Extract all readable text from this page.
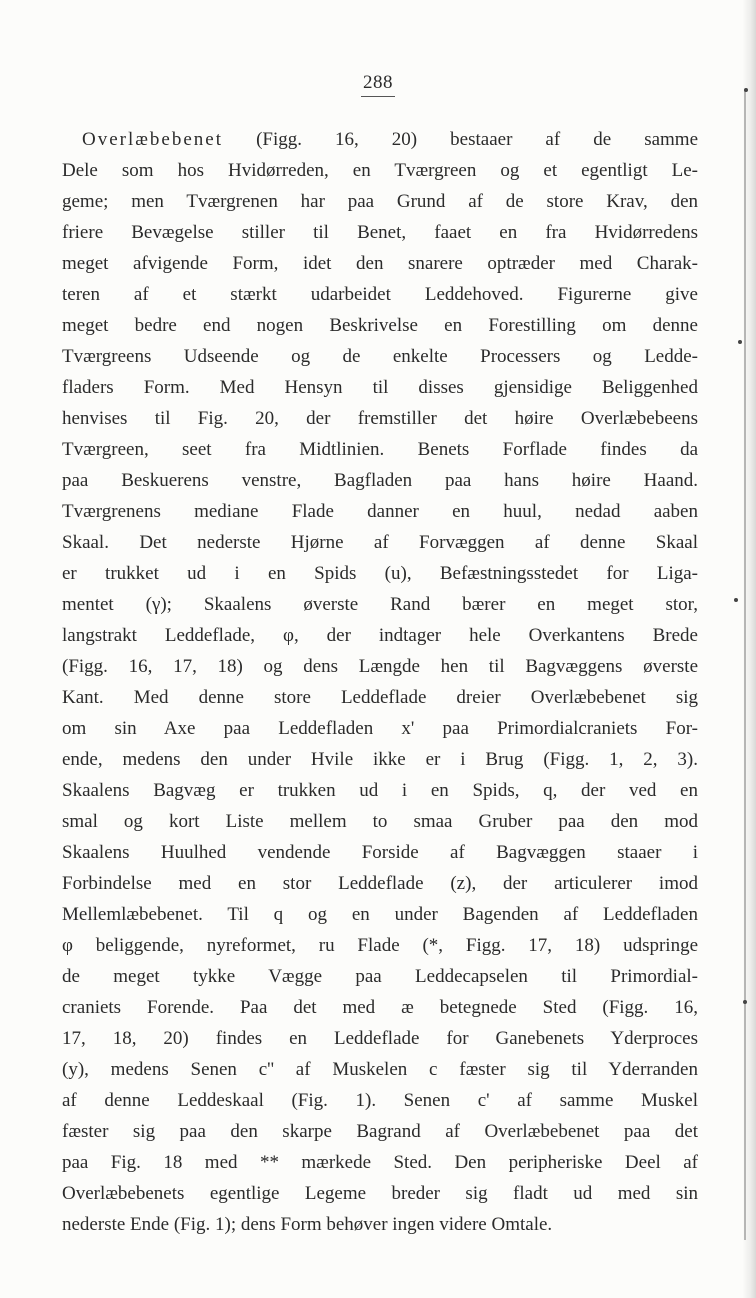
288
Overlæbebenet (Figg. 16, 20) bestaaer af de samme
Dele som hos Hvidørreden, en Tværgreen og et egentligt Le-
geme; men Tværgrenen har paa Grund af de store Krav, den
friere Bevægelse stiller til Benet, faaet en fra Hvidørredens
meget afvigende Form, idet den snarere optræder med Charak-
teren af et stærkt udarbeidet Leddehoved. Figurerne give
meget bedre end nogen Beskrivelse en Forestilling om denne
Tværgreens Udseende og de enkelte Processers og Ledde-
fladers Form. Med Hensyn til disses gjensidige Beliggenhed
henvises til Fig. 20, der fremstiller det høire Overlæbebeens
Tværgreen, seet fra Midtlinien. Benets Forflade findes da
paa Beskuerens venstre, Bagfladen paa hans høire Haand.
Tværgrenens mediane Flade danner en huul, nedad aaben
Skaal. Det nederste Hjørne af Forvæggen af denne Skaal
er trukket ud i en Spids (u), Befæstningsstedet for Liga-
mentet (γ); Skaalens øverste Rand bærer en meget stor,
langstrakt Leddeflade, φ, der indtager hele Overkantens Brede
(Figg. 16, 17, 18) og dens Længde hen til Bagvæggens øverste
Kant. Med denne store Leddeflade dreier Overlæbebenet sig
om sin Axe paa Leddefladen x' paa Primordialcraniets For-
ende, medens den under Hvile ikke er i Brug (Figg. 1, 2, 3).
Skaalens Bagvæg er trukken ud i en Spids, q, der ved en
smal og kort Liste mellem to smaa Gruber paa den mod
Skaalens Huulhed vendende Forside af Bagvæggen staaer i
Forbindelse med en stor Leddeflade (z), der articulerer imod
Mellemlæbebenet. Til q og en under Bagenden af Leddefladen
φ beliggende, nyreformet, ru Flade (*, Figg. 17, 18) udspringe
de meget tykke Vægge paa Leddecapselen til Primordial-
craniets Forende. Paa det med æ betegnede Sted (Figg. 16,
17, 18, 20) findes en Leddeflade for Ganebenets Yderproces
(y), medens Senen c'' af Muskelen c fæster sig til Yderranden
af denne Leddeskaal (Fig. 1). Senen c' af samme Muskel
fæster sig paa den skarpe Bagrand af Overlæbebenet paa det
paa Fig. 18 med ** mærkede Sted. Den peripheriske Deel af
Overlæbebenets egentlige Legeme breder sig fladt ud med sin
nederste Ende (Fig. 1); dens Form behøver ingen videre Omtale.
